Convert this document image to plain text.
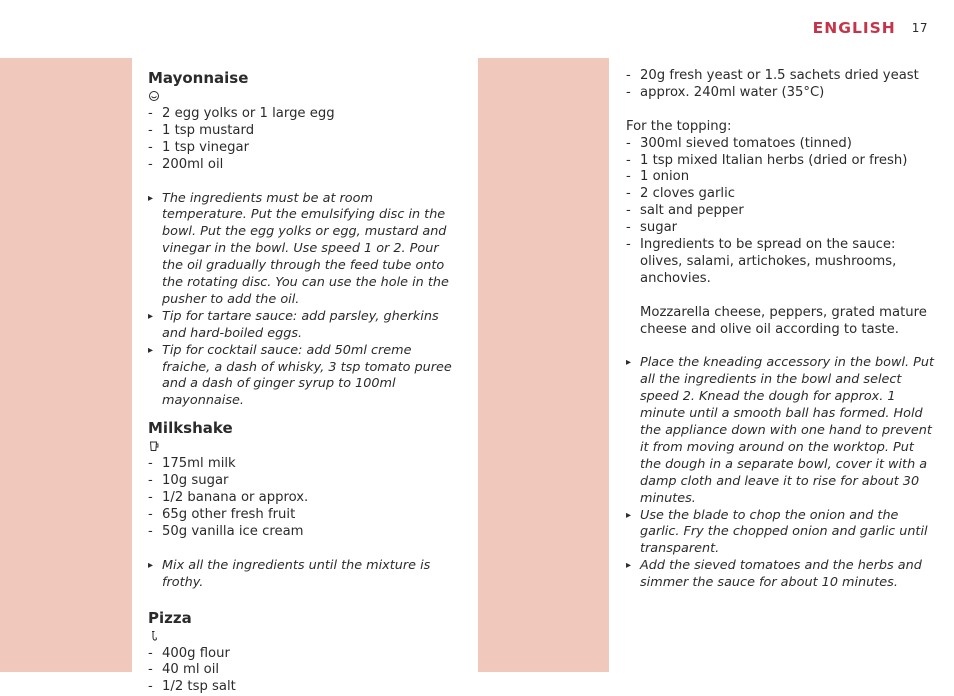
ENGLISH 17
Mayonnaise
- 2 egg yolks or 1 large egg
- 1 tsp mustard
- 1 tsp vinegar
- 200ml oil
▸ The ingredients must be at room temperature. Put the emulsifying disc in the bowl. Put the egg yolks or egg, mustard and vinegar in the bowl. Use speed 1 or 2. Pour the oil gradually through the feed tube onto the rotating disc. You can use the hole in the pusher to add the oil.
▸ Tip for tartare sauce: add parsley, gherkins and hard-boiled eggs.
▸ Tip for cocktail sauce: add 50ml creme fraiche, a dash of whisky, 3 tsp tomato puree and a dash of ginger syrup to 100ml mayonnaise.
Milkshake
- 175ml milk
- 10g sugar
- 1/2 banana or approx.
- 65g other fresh fruit
- 50g vanilla ice cream
▸ Mix all the ingredients until the mixture is frothy.
Pizza
- 400g flour
- 40 ml oil
- 1/2 tsp salt
- 20g fresh yeast or 1.5 sachets dried yeast
- approx. 240ml water (35°C)

For the topping:

- 300ml sieved tomatoes (tinned)
- 1 tsp mixed Italian herbs (dried or fresh)
- 1 onion
- 2 cloves garlic
- salt and pepper
- sugar
- Ingredients to be spread on the sauce: olives, salami, artichokes, mushrooms, anchovies.

Mozzarella cheese, peppers, grated mature cheese and olive oil according to taste.

▸ Place the kneading accessory in the bowl. Put all the ingredients in the bowl and select speed 2. Knead the dough for approx. 1 minute until a smooth ball has formed. Hold the appliance down with one hand to prevent it from moving around on the worktop. Put the dough in a separate bowl, cover it with a damp cloth and leave it to rise for about 30 minutes.
▸ Use the blade to chop the onion and the garlic. Fry the chopped onion and garlic until transparent.
▸ Add the sieved tomatoes and the herbs and simmer the sauce for about 10 minutes.
